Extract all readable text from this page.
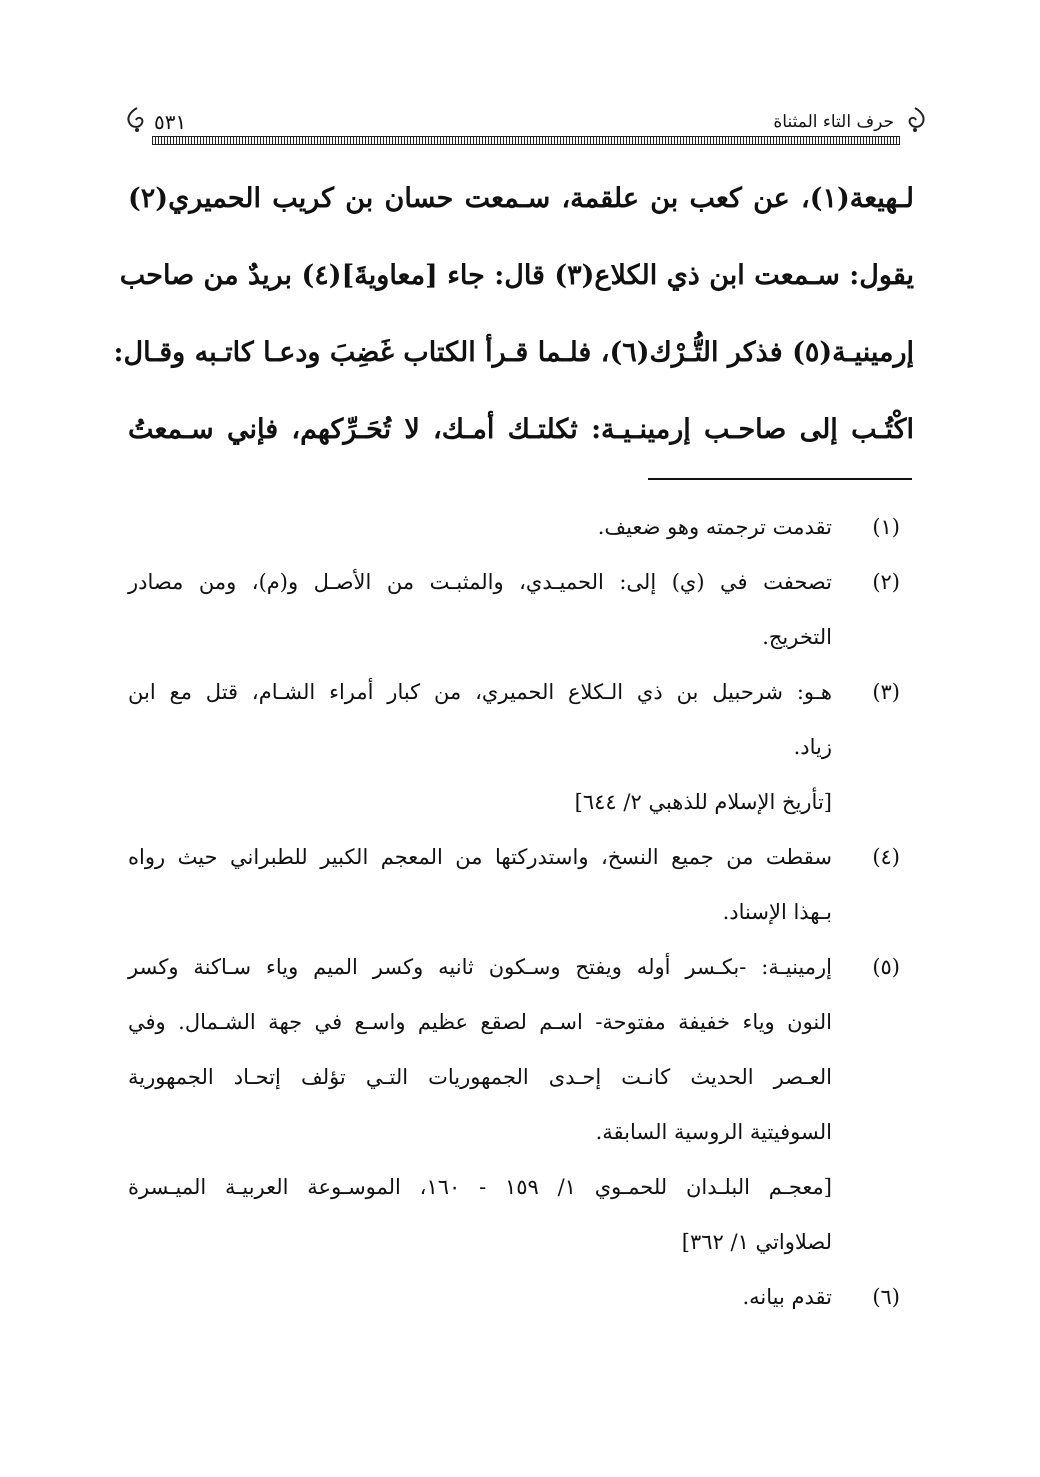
حرف التاء المثناة
٥٣١
لـهيعة(١)، عن كعب بن علقمة، سـمعت حسان بن كريب الحميري(٢)
يقول: سـمعت ابن ذي الكلاع(٣) قال: جاء [معاويةَ](٤) بريدٌ من صاحب
إرمينيـة(٥) فذكر التُّـرْك(٦)، فلـما قـرأ الكتاب غَضِبَ ودعـا كاتـبه وقـال:
اكْتُـب إلى صاحـب إرمينـيـة: ثكلتـك أمـك، لا تُحَـرِّكهم، فإني سـمعتُ
(١)
تقدمت ترجمته وهو ضعيف.
(٢)
تصحفت في (ي) إلى: الحميـدي، والمثبـت من الأصـل و(م)، ومن مصادر
التخريج.
(٣)
هـو: شرحبيل بن ذي الـكلاع الحميري، من كبار أمراء الشـام، قتل مع ابن
زياد.
[تأريخ الإسلام للذهبي ٢/ ٦٤٤]
(٤)
سقطت من جميع النسخ، واستدركتها من المعجم الكبير للطبراني حيث رواه
بـهذا الإسناد.
(٥)
إرمينيـة: -بكـسر أوله ويفتح وسـكون ثانيه وكسر الميم وياء سـاكنة وكسر
النون وياء خفيفة مفتوحة- اسـم لصقع عظيم واسـع في جهة الشـمال. وفي
العـصر الحديث كانـت إحـدى الجمهوريات التـي تؤلف إتحـاد الجمهورية
السوفيتية الروسية السابقة.
[معجـم البلـدان للحمـوي ١/ ١٥٩ - ١٦٠، الموسـوعة العربيـة الميـسرة
لصلاواتي ١/ ٣٦٢]
(٦)
تقدم بيانه.
